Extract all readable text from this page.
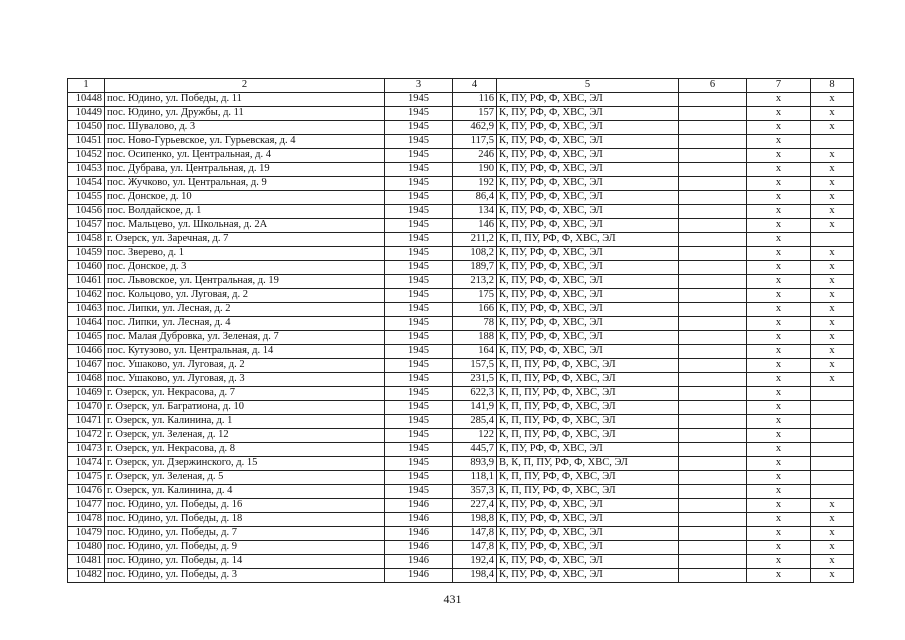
1	2	3	4	5	6	7	8
10448	пос. Юдино, ул. Победы, д. 11	1945	116	К, ПУ, РФ, Ф, ХВС, ЭЛ		х	х
10449	пос. Юдино, ул. Дружбы, д. 11	1945	157	К, ПУ, РФ, Ф, ХВС, ЭЛ		х	х
10450	пос. Шувалово, д. 3	1945	462,9	К, ПУ, РФ, Ф, ХВС, ЭЛ		х	х
10451	пос. Ново-Гурьевское, ул. Гурьевская, д. 4	1945	117,5	К, ПУ, РФ, Ф, ХВС, ЭЛ		х	
10452	пос. Осипенко, ул. Центральная, д. 4	1945	246	К, ПУ, РФ, Ф, ХВС, ЭЛ		х	х
10453	пос. Дубрава, ул. Центральная, д. 19	1945	190	К, ПУ, РФ, Ф, ХВС, ЭЛ		х	х
10454	пос. Жучково, ул. Центральная, д. 9	1945	192	К, ПУ, РФ, Ф, ХВС, ЭЛ		х	х
10455	пос. Донское, д. 10	1945	86,4	К, ПУ, РФ, Ф, ХВС, ЭЛ		х	х
10456	пос. Волдайское, д. 1	1945	134	К, ПУ, РФ, Ф, ХВС, ЭЛ		х	х
10457	пос. Мальцево, ул. Школьная, д. 2А	1945	146	К, ПУ, РФ, Ф, ХВС, ЭЛ		х	х
10458	г. Озерск, ул. Заречная, д. 7	1945	211,2	К, П, ПУ, РФ, Ф, ХВС, ЭЛ		х	
10459	пос. Зверево, д. 1	1945	108,2	К, ПУ, РФ, Ф, ХВС, ЭЛ		х	х
10460	пос. Донское, д. 3	1945	189,7	К, ПУ, РФ, Ф, ХВС, ЭЛ		х	х
10461	пос. Львовское, ул. Центральная, д. 19	1945	213,2	К, ПУ, РФ, Ф, ХВС, ЭЛ		х	х
10462	пос. Кольцово, ул. Луговая, д. 2	1945	175	К, ПУ, РФ, Ф, ХВС, ЭЛ		х	х
10463	пос. Липки, ул. Лесная, д. 2	1945	166	К, ПУ, РФ, Ф, ХВС, ЭЛ		х	х
10464	пос. Липки, ул. Лесная, д. 4	1945	78	К, ПУ, РФ, Ф, ХВС, ЭЛ		х	х
10465	пос. Малая Дубровка, ул. Зеленая, д. 7	1945	188	К, ПУ, РФ, Ф, ХВС, ЭЛ		х	х
10466	пос. Кутузово, ул. Центральная, д. 14	1945	164	К, ПУ, РФ, Ф, ХВС, ЭЛ		х	х
10467	пос. Ушаково, ул. Луговая, д. 2	1945	157,5	К, П, ПУ, РФ, Ф, ХВС, ЭЛ		х	х
10468	пос. Ушаково, ул. Луговая, д. 3	1945	231,5	К, П, ПУ, РФ, Ф, ХВС, ЭЛ		х	х
10469	г. Озерск, ул. Некрасова, д. 7	1945	622,3	К, П, ПУ, РФ, Ф, ХВС, ЭЛ		х	
10470	г. Озерск, ул. Багратиона, д. 10	1945	141,9	К, П, ПУ, РФ, Ф, ХВС, ЭЛ		х	
10471	г. Озерск, ул. Калинина, д. 1	1945	285,4	К, П, ПУ, РФ, Ф, ХВС, ЭЛ		х	
10472	г. Озерск, ул. Зеленая, д. 12	1945	122	К, П, ПУ, РФ, Ф, ХВС, ЭЛ		х	
10473	г. Озерск, ул. Некрасова, д. 8	1945	445,7	К, ПУ, РФ, Ф, ХВС, ЭЛ		х	
10474	г. Озерск, ул. Дзержинского, д. 15	1945	893,9	В, К, П, ПУ, РФ, Ф, ХВС, ЭЛ		х	
10475	г. Озерск, ул. Зеленая, д. 5	1945	118,1	К, П, ПУ, РФ, Ф, ХВС, ЭЛ		х	
10476	г. Озерск, ул. Калинина, д. 4	1945	357,3	К, П, ПУ, РФ, Ф, ХВС, ЭЛ		х	
10477	пос. Юдино, ул. Победы, д. 16	1946	227,4	К, ПУ, РФ, Ф, ХВС, ЭЛ		х	х
10478	пос. Юдино, ул. Победы, д. 18	1946	198,8	К, ПУ, РФ, Ф, ХВС, ЭЛ		х	х
10479	пос. Юдино, ул. Победы, д. 7	1946	147,8	К, ПУ, РФ, Ф, ХВС, ЭЛ		х	х
10480	пос. Юдино, ул. Победы, д. 9	1946	147,8	К, ПУ, РФ, Ф, ХВС, ЭЛ		х	х
10481	пос. Юдино, ул. Победы, д. 14	1946	192,4	К, ПУ, РФ, Ф, ХВС, ЭЛ		х	х
10482	пос. Юдино, ул. Победы, д. 3	1946	198,4	К, ПУ, РФ, Ф, ХВС, ЭЛ		х	х
431
